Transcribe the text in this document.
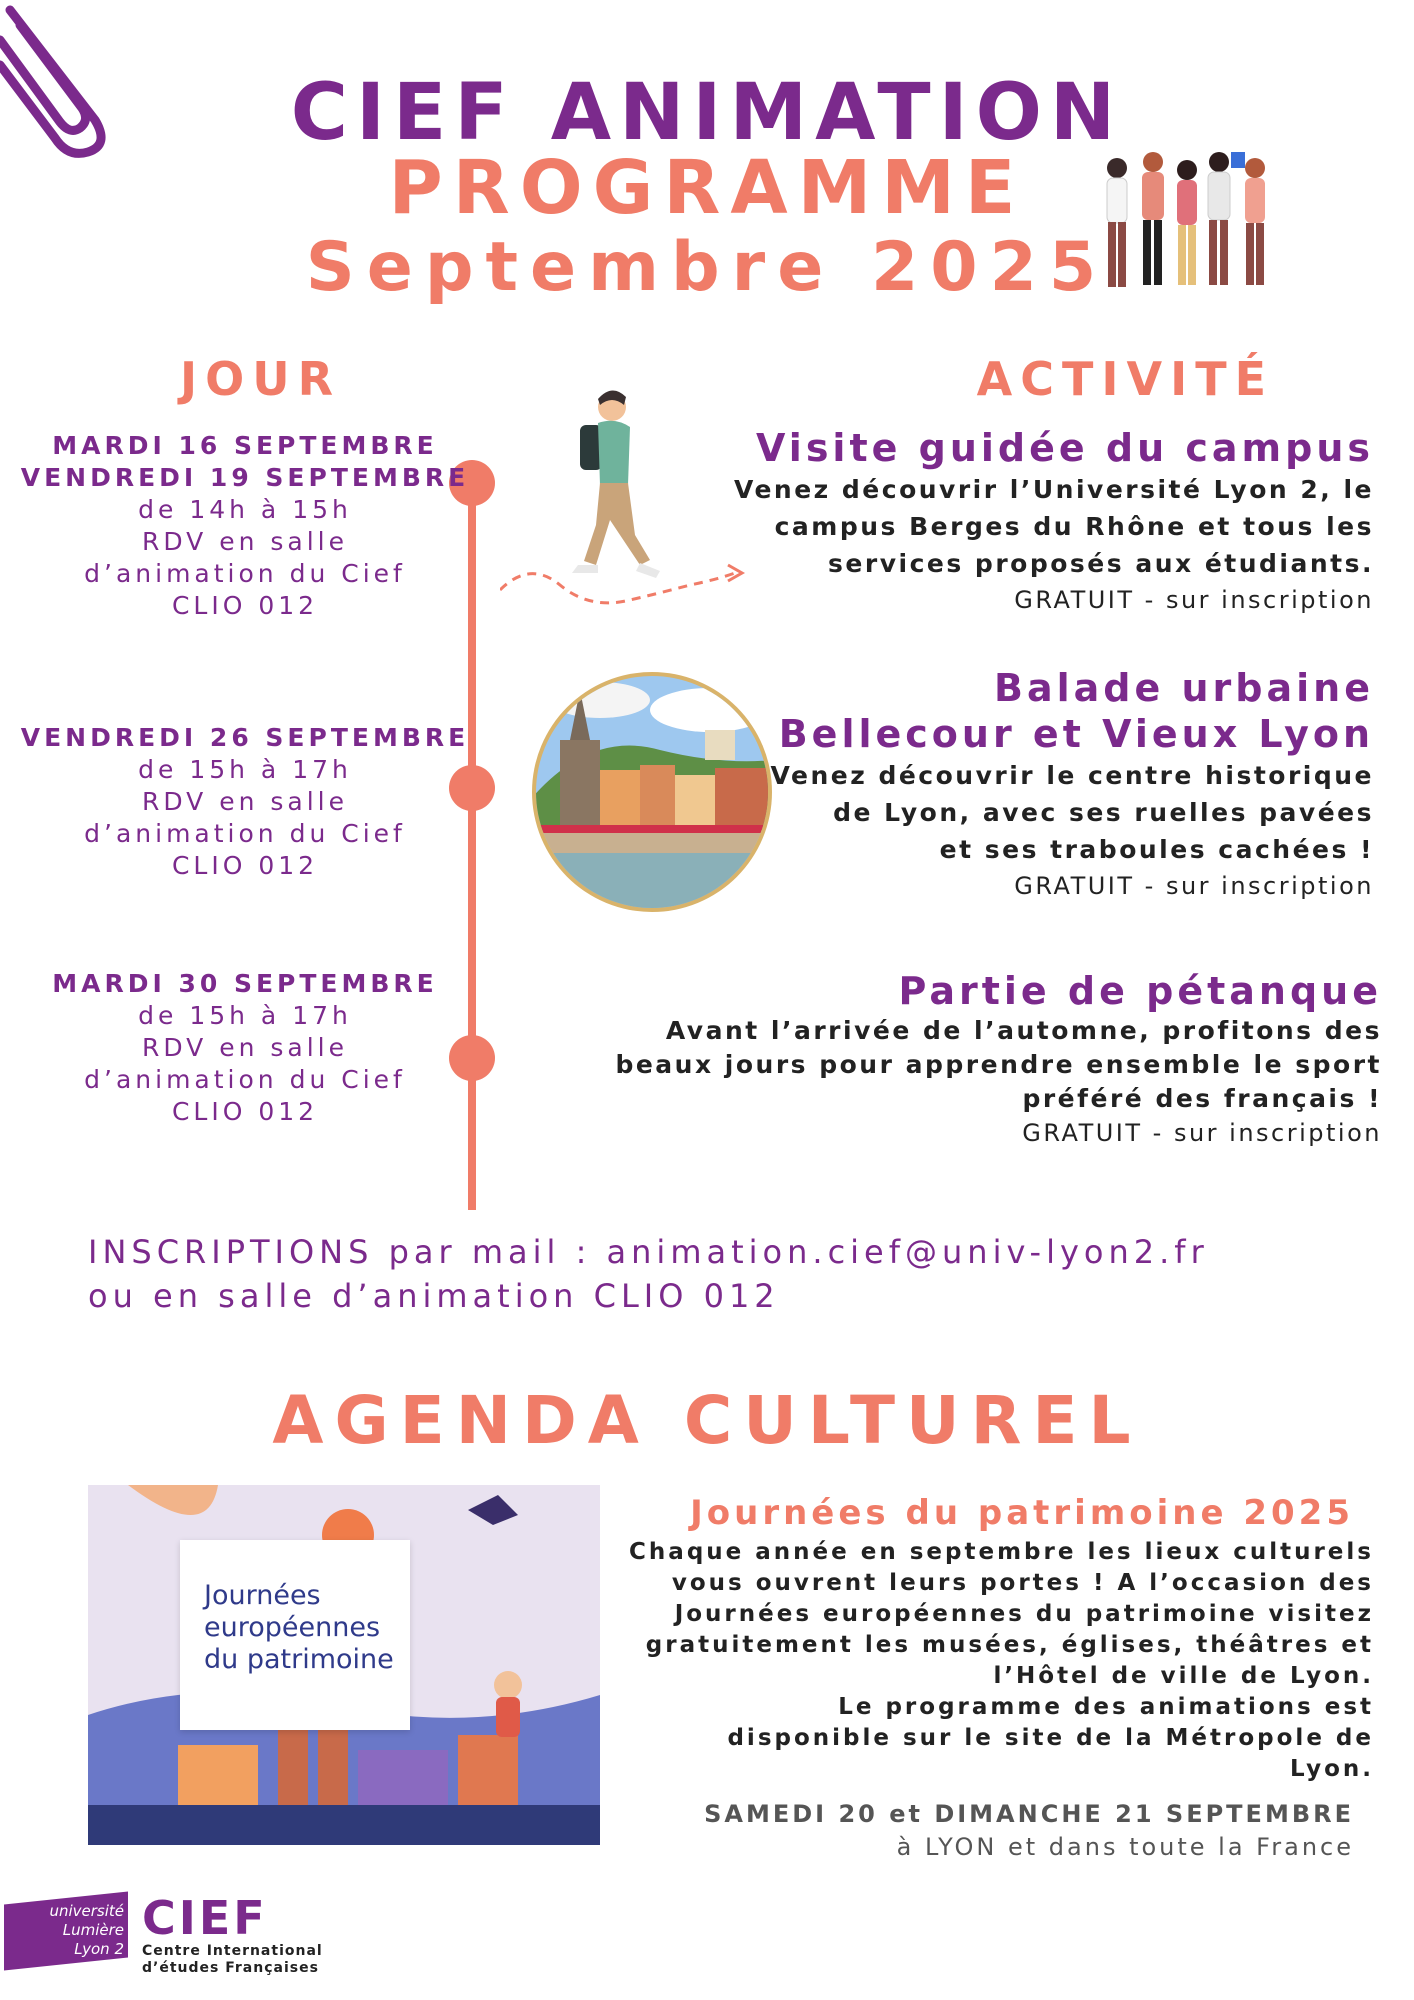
CIEF ANIMATION
PROGRAMME
Septembre 2025
JOUR	ACTIVITÉ
MARDI 16 SEPTEMBRE
VENDREDI 19 SEPTEMBRE
de 14h à 15h
RDV en salle
d’animation du Cief
CLIO 012
Visite guidée du campus
Venez découvrir l’Université Lyon 2, le
campus Berges du Rhône et tous les
services proposés aux étudiants.
GRATUIT - sur inscription
VENDREDI 26 SEPTEMBRE
de 15h à 17h
RDV en salle
d’animation du Cief
CLIO 012
Balade urbaine
Bellecour et Vieux Lyon
Venez découvrir le centre historique
de Lyon, avec ses ruelles pavées
et ses traboules cachées !
GRATUIT - sur inscription
MARDI 30 SEPTEMBRE
de 15h à 17h
RDV en salle
d’animation du Cief
CLIO 012
Partie de pétanque
Avant l’arrivée de l’automne, profitons des
beaux jours pour apprendre ensemble le sport
préféré des français !
GRATUIT - sur inscription
INSCRIPTIONS par mail : animation.cief@univ-lyon2.fr
ou en salle d’animation CLIO 012
AGENDA CULTUREL
Journées
européennes
du patrimoine
Journées du patrimoine 2025
Chaque année en septembre les lieux culturels
vous ouvrent leurs portes ! A l’occasion des
Journées européennes du patrimoine visitez
gratuitement les musées, églises, théâtres et
l’Hôtel de ville de Lyon.
Le programme des animations est
disponible sur le site de la Métropole de
Lyon.
SAMEDI 20 et DIMANCHE 21 SEPTEMBRE
à LYON et dans toute la France
université
Lumière
Lyon 2
CIEF
Centre International
d’études Françaises
